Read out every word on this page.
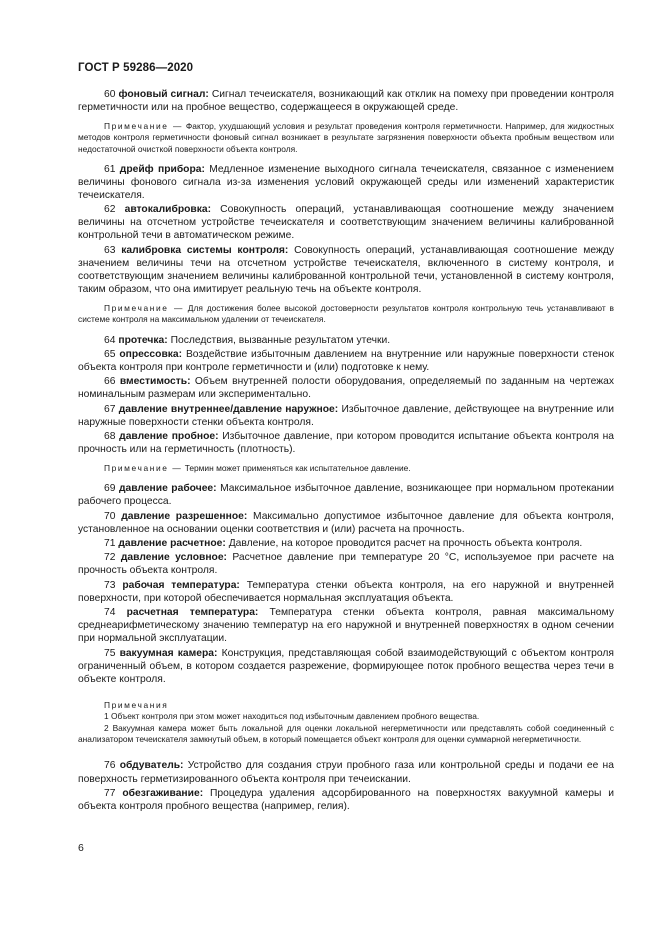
ГОСТ Р 59286—2020

60 фоновый сигнал: Сигнал течеискателя, возникающий как отклик на помеху при проведении контроля герметичности или на пробное вещество, содержащееся в окружающей среде.

Примечание — Фактор, ухудшающий условия и результат проведения контроля герметичности. Например, для жидкостных методов контроля герметичности фоновый сигнал возникает в результате загрязнения поверхности объекта пробным веществом или недостаточной очисткой поверхности объекта контроля.

61 дрейф прибора: Медленное изменение выходного сигнала течеискателя, связанное с изменением величины фонового сигнала из-за изменения условий окружающей среды или изменений характеристик течеискателя.

62 автокалибровка: Совокупность операций, устанавливающая соотношение между значением величины на отсчетном устройстве течеискателя и соответствующим значением величины калиброванной контрольной течи в автоматическом режиме.

63 калибровка системы контроля: Совокупность операций, устанавливающая соотношение между значением величины течи на отсчетном устройстве течеискателя, включенного в систему контроля, и соответствующим значением величины калиброванной контрольной течи, установленной в систему контроля, таким образом, что она имитирует реальную течь на объекте контроля.

Примечание — Для достижения более высокой достоверности результатов контроля контрольную течь устанавливают в системе контроля на максимальном удалении от течеискателя.

64 протечка: Последствия, вызванные результатом утечки.

65 опрессовка: Воздействие избыточным давлением на внутренние или наружные поверхности стенок объекта контроля при контроле герметичности и (или) подготовке к нему.

66 вместимость: Объем внутренней полости оборудования, определяемый по заданным на чертежах номинальным размерам или экспериментально.

67 давление внутреннее/давление наружное: Избыточное давление, действующее на внутренние или наружные поверхности стенки объекта контроля.

68 давление пробное: Избыточное давление, при котором проводится испытание объекта контроля на прочность или на герметичность (плотность).

Примечание — Термин может применяться как испытательное давление.

69 давление рабочее: Максимальное избыточное давление, возникающее при нормальном протекании рабочего процесса.

70 давление разрешенное: Максимально допустимое избыточное давление для объекта контроля, установленное на основании оценки соответствия и (или) расчета на прочность.

71 давление расчетное: Давление, на которое проводится расчет на прочность объекта контроля.

72 давление условное: Расчетное давление при температуре 20 °С, используемое при расчете на прочность объекта контроля.

73 рабочая температура: Температура стенки объекта контроля, на его наружной и внутренней поверхности, при которой обеспечивается нормальная эксплуатация объекта.

74 расчетная температура: Температура стенки объекта контроля, равная максимальному среднеарифметическому значению температур на его наружной и внутренней поверхностях в одном сечении при нормальной эксплуатации.

75 вакуумная камера: Конструкция, представляющая собой взаимодействующий с объектом контроля ограниченный объем, в котором создается разрежение, формирующее поток пробного вещества через течи в объекте контроля.

Примечания
1 Объект контроля при этом может находиться под избыточным давлением пробного вещества.
2 Вакуумная камера может быть локальной для оценки локальной негерметичности или представлять собой соединенный с анализатором течеискателя замкнутый объем, в который помещается объект контроля для оценки суммарной негерметичности.

76 обдуватель: Устройство для создания струи пробного газа или контрольной среды и подачи ее на поверхность герметизированного объекта контроля при течеискании.

77 обезгаживание: Процедура удаления адсорбированного на поверхностях вакуумной камеры и объекта контроля пробного вещества (например, гелия).

6
